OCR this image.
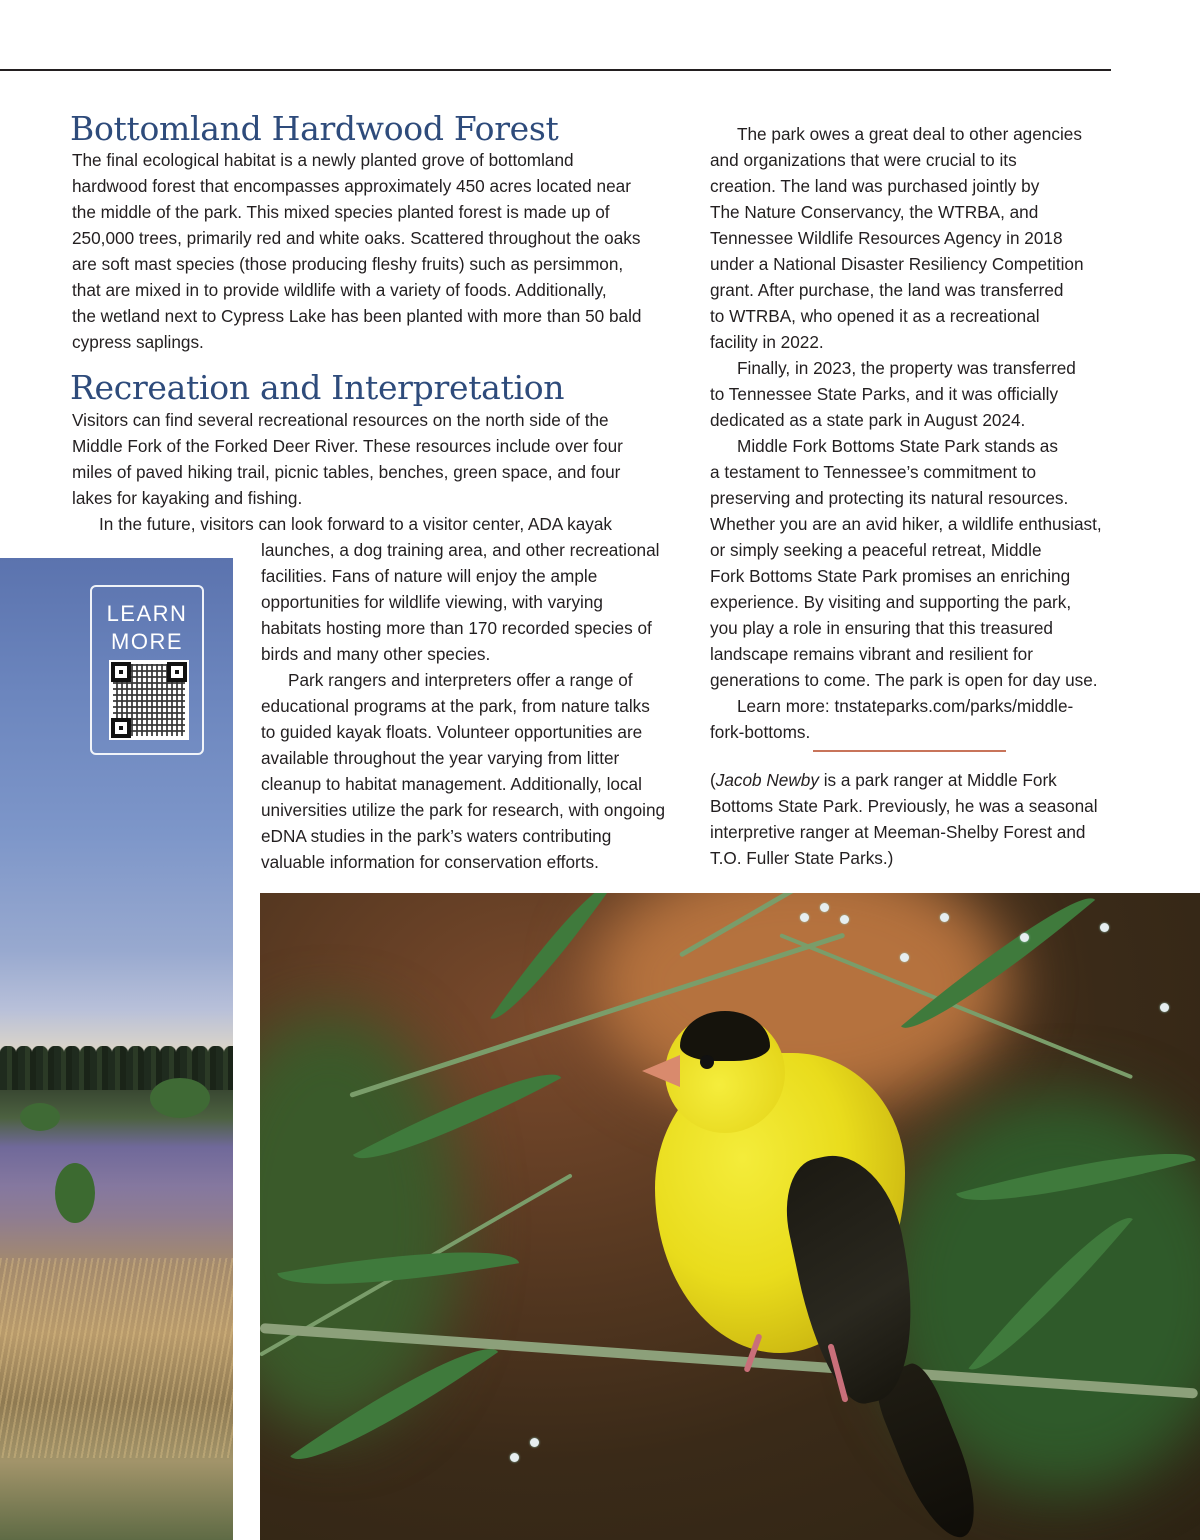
Bottomland Hardwood Forest

The final ecological habitat is a newly planted grove of bottomland

hardwood forest that encompasses approximately 450 acres located near

the middle of the park. This mixed species planted forest is made up of

250,000 trees, primarily red and white oaks. Scattered throughout the oaks

are soft mast species (those producing fleshy fruits) such as persimmon,

that are mixed in to provide wildlife with a variety of foods. Additionally,

the wetland next to Cypress Lake has been planted with more than 50 bald

cypress saplings.

Recreation and Interpretation

Visitors can find several recreational resources on the north side of the

Middle Fork of the Forked Deer River. These resources include over four

miles of paved hiking trail, picnic tables, benches, green space, and four

lakes for kayaking and fishing.

In the future, visitors can look forward to a visitor center, ADA kayak

launches, a dog training area, and other recreational

facilities. Fans of nature will enjoy the ample

opportunities for wildlife viewing, with varying

habitats hosting more than 170 recorded species of

birds and many other species.

Park rangers and interpreters offer a range of

educational programs at the park, from nature talks

to guided kayak floats. Volunteer opportunities are

available throughout the year varying from litter

cleanup to habitat management. Additionally, local

universities utilize the park for research, with ongoing

eDNA studies in the park’s waters contributing

valuable information for conservation efforts.

The park owes a great deal to other agencies

and organizations that were crucial to its

creation. The land was purchased jointly by

The Nature Conservancy, the WTRBA, and

Tennessee Wildlife Resources Agency in 2018

under a National Disaster Resiliency Competition

grant. After purchase, the land was transferred

to WTRBA, who opened it as a recreational

facility in 2022.

Finally, in 2023, the property was transferred

to Tennessee State Parks, and it was officially

dedicated as a state park in August 2024.

Middle Fork Bottoms State Park stands as

a testament to Tennessee’s commitment to

preserving and protecting its natural resources.

Whether you are an avid hiker, a wildlife enthusiast,

or simply seeking a peaceful retreat, Middle

Fork Bottoms State Park promises an enriching

experience. By visiting and supporting the park,

you play a role in ensuring that this treasured

landscape remains vibrant and resilient for

generations to come. The park is open for day use.

Learn more: tnstateparks.com/parks/middle-

fork-bottoms.

(Jacob Newby is a park ranger at Middle Fork

Bottoms State Park. Previously, he was a seasonal

interpretive ranger at Meeman-Shelby Forest and

T.O. Fuller State Parks.)

LEARN
MORE
